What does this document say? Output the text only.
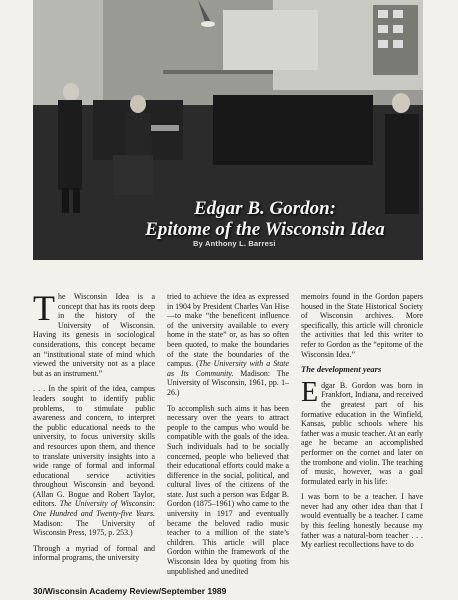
Edgar B. Gordon:
Epitome of the Wisconsin Idea
By Anthony L. Barresi

The Wisconsin Idea is a concept that has its roots deep in the history of the University of Wisconsin. Having its genesis in sociological considerations, this concept became an “institutional state of mind which viewed the university not as a place but as an instrument.”

. . . In the spirit of the idea, campus leaders sought to identify public problems, to stimulate public awareness and concern, to interpret the public educational needs to the university, to focus university skills and resources upon them, and thence to translate university insights into a wide range of formal and informal educational service activities throughout Wisconsin and beyond. (Allan G. Bogue and Robert Taylor, editors. The University of Wisconsin: One Hundred and Twenty-five Years. Madison: The University of Wisconsin Press, 1975, p. 253.)

Through a myriad of formal and informal programs, the university

tried to achieve the idea as expressed in 1904 by President Charles Van Hise—to make “the beneficent influence of the university available to every home in the state” or, as has so often been quoted, to make the boundaries of the state the boundaries of the campus. (The University with a State as Its Community. Madison: The University of Wisconsin, 1961, pp. 1–26.)

To accomplish such aims it has been necessary over the years to attract people to the campus who would be compatible with the goals of the idea. Such individuals had to be socially concerned, people who believed that their educational efforts could make a difference in the social, political, and cultural lives of the citizens of the state. Just such a person was Edgar B. Gordon (1875–1961) who came to the university in 1917 and eventually became the beloved radio music teacher to a million of the state’s children. This article will place Gordon within the framework of the Wisconsin Idea by quoting from his unpublished and unedited

memoirs found in the Gordon papers housed in the State Historical Society of Wisconsin archives. More specifically, this article will chronicle the activities that led this writer to refer to Gordon as the “epitome of the Wisconsin Idea.”

The development years

Edgar B. Gordon was born in Frankfort, Indiana, and received the greatest part of his formative education in the Winfield, Kansas, public schools where his father was a music teacher. At an early age he became an accomplished performer on the cornet and later on the trombone and violin. The teaching of music, however, was a goal formulated early in his life:

I was born to be a teacher. I have never had any other idea than that I would eventually be a teacher. I came by this feeling honestly because my father was a natural-born teacher . . . My earliest recollections have to do

30/Wisconsin Academy Review/September 1989
